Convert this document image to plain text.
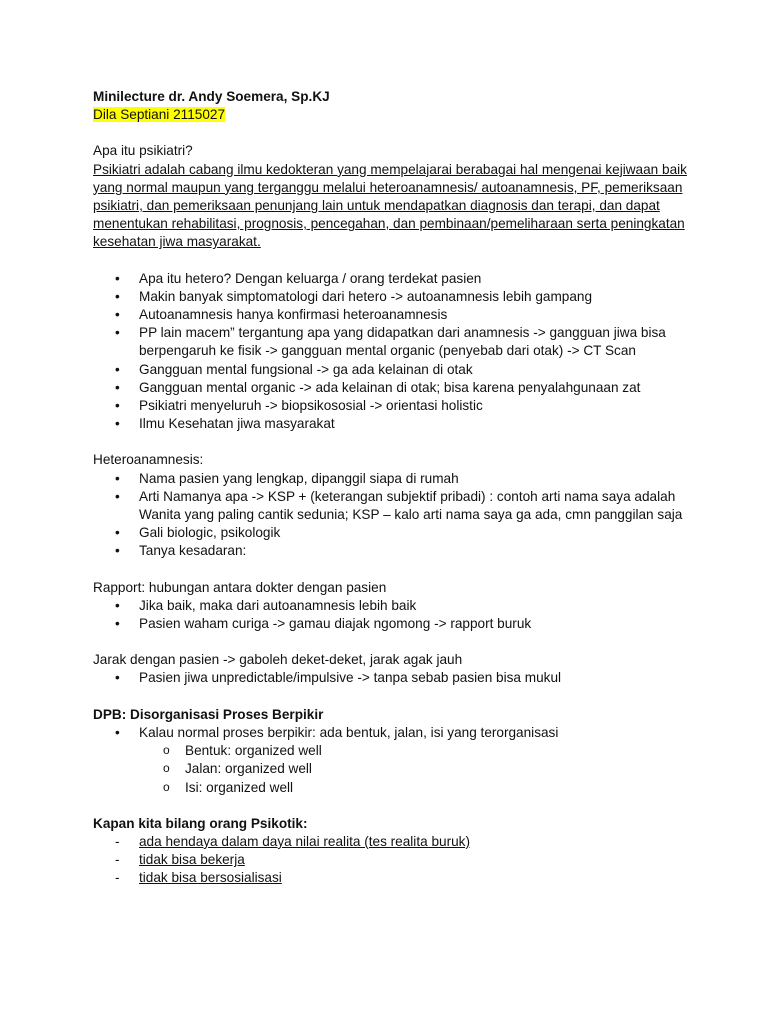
Minilecture dr. Andy Soemera, Sp.KJ

Dila Septiani 2115027

Apa itu psikiatri?

Psikiatri adalah cabang ilmu kedokteran yang mempelajarai berabagai hal mengenai kejiwaan baik yang normal maupun yang terganggu melalui heteroanamnesis/ autoanamnesis, PF, pemeriksaan psikiatri, dan pemeriksaan penunjang lain untuk mendapatkan diagnosis dan terapi, dan dapat menentukan rehabilitasi, prognosis, pencegahan, dan pembinaan/pemeliharaan serta peningkatan kesehatan jiwa masyarakat.

• Apa itu hetero? Dengan keluarga / orang terdekat pasien
• Makin banyak simptomatologi dari hetero -> autoanamnesis lebih gampang
• Autoanamnesis hanya konfirmasi heteroanamnesis
• PP lain macem” tergantung apa yang didapatkan dari anamnesis -> gangguan jiwa bisa berpengaruh ke fisik -> gangguan mental organic (penyebab dari otak) -> CT Scan
• Gangguan mental fungsional -> ga ada kelainan di otak
• Gangguan mental organic -> ada kelainan di otak; bisa karena penyalahgunaan zat
• Psikiatri menyeluruh -> biopsikososial -> orientasi holistic
• Ilmu Kesehatan jiwa masyarakat

Heteroanamnesis:

• Nama pasien yang lengkap, dipanggil siapa di rumah
• Arti Namanya apa -> KSP + (keterangan subjektif pribadi) : contoh arti nama saya adalah Wanita yang paling cantik sedunia; KSP – kalo arti nama saya ga ada, cmn panggilan saja
• Gali biologic, psikologik
• Tanya kesadaran:

Rapport: hubungan antara dokter dengan pasien

• Jika baik, maka dari autoanamnesis lebih baik
• Pasien waham curiga -> gamau diajak ngomong -> rapport buruk

Jarak dengan pasien -> gaboleh deket-deket, jarak agak jauh

• Pasien jiwa unpredictable/impulsive -> tanpa sebab pasien bisa mukul

DPB: Disorganisasi Proses Berpikir

• Kalau normal proses berpikir: ada bentuk, jalan, isi yang terorganisasi
o Bentuk: organized well
o Jalan: organized well
o Isi: organized well

Kapan kita bilang orang Psikotik:

- ada hendaya dalam daya nilai realita (tes realita buruk)
- tidak bisa bekerja
- tidak bisa bersosialisasi
